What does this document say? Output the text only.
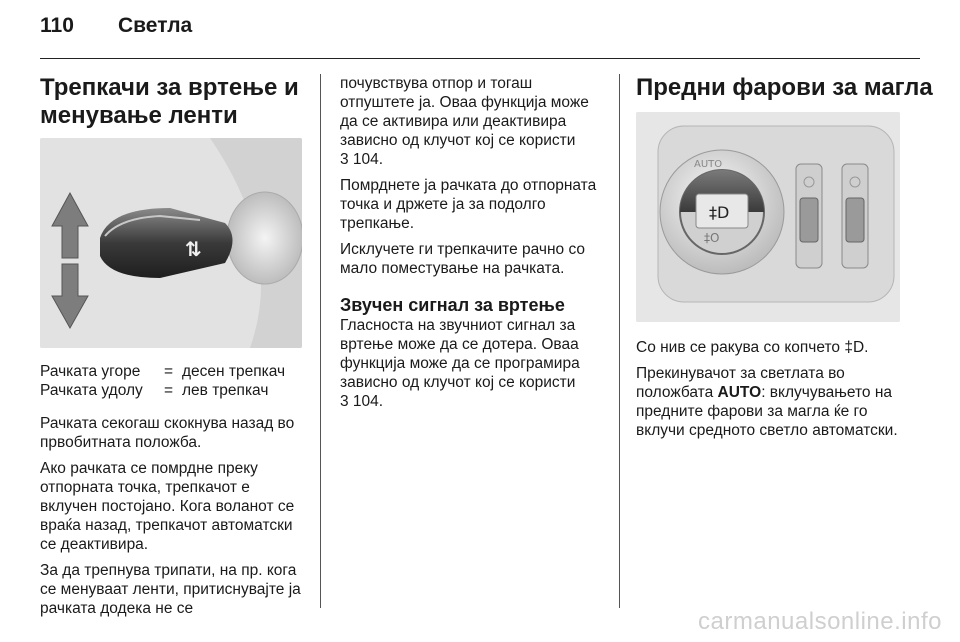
110 Светла
Трепкачи за вртење и менување ленти
⇅
Рачката угоре	= десен трепкач
Рачката удолу	= лев трепкач

Рачката секогаш скокнува назад во првобитната положба.

Ако рачката се помрдне преку отпорната точка, трепкачот е вклучен постојано. Кога воланот се враќа назад, трепкачот автоматски се деактивира.

За да трепнува трипати, на пр. кога се менуваат ленти, притиснувајте ја рачката додека не се

почувствува отпор и тогаш отпуштете ја. Оваа функција може да се активира или деактивира зависно од клучот кој се користи

3 104.

Помрднете ја рачката до отпорната точка и држете ја за подолго трепкање.

Исклучете ги трепкачите рачно со мало поместување на рачката.

Звучен сигнал за вртење

Гласноста на звучниот сигнал за вртење може да се дотера. Оваа функција може да се програмира зависно од клучот кој се користи

3 104.

Предни фарови за магла
‡D
‡O
AUTO

Со нив се ракува со копчето ‡D.

Прекинувачот за светлата во положбата AUTO: вклучувањето на предните фарови за магла ќе го вклучи средното светло автоматски.

carmanualsonline.info
